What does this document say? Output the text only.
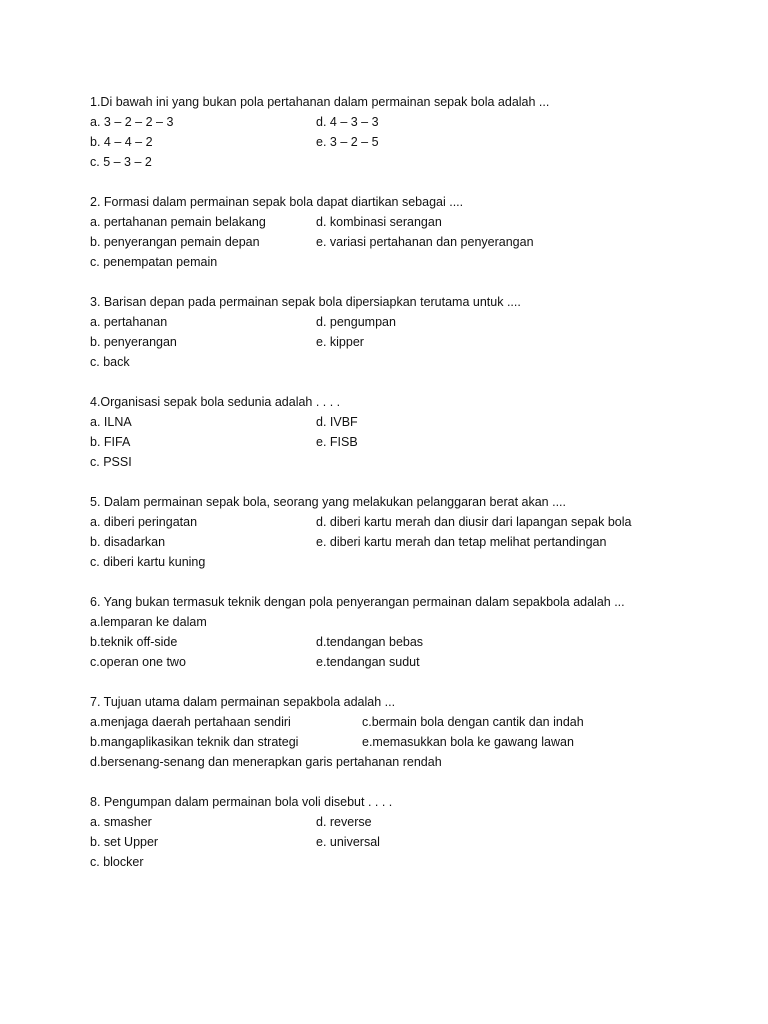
1.Di bawah ini yang bukan pola pertahanan dalam permainan sepak bola adalah ...
a. 3 – 2 – 2 – 3	d. 4 – 3 – 3
b. 4 – 4 – 2	e. 3 – 2 – 5
c. 5 – 3 – 2
2. Formasi dalam permainan sepak bola dapat diartikan sebagai ....
a. pertahanan pemain belakang	d. kombinasi serangan
b. penyerangan pemain depan	e. variasi pertahanan dan penyerangan
c. penempatan pemain
3. Barisan depan pada permainan sepak bola dipersiapkan terutama untuk ....
a. pertahanan	d. pengumpan
b. penyerangan	e. kipper
c. back
4.Organisasi sepak bola sedunia adalah . . . .
a. ILNA	d. IVBF
b. FIFA	e. FISB
c. PSSI
5. Dalam permainan sepak bola, seorang yang melakukan pelanggaran berat akan ....
a. diberi peringatan	d. diberi kartu merah dan diusir dari lapangan sepak bola
b. disadarkan	e. diberi kartu merah dan tetap melihat pertandingan
c. diberi kartu kuning
6. Yang bukan termasuk teknik dengan pola penyerangan permainan dalam sepakbola adalah ...
a.lemparan ke dalam
b.teknik off-side	d.tendangan bebas
c.operan one two	e.tendangan sudut
7. Tujuan utama dalam permainan sepakbola adalah ...
a.menjaga daerah pertahaan sendiri	c.bermain bola dengan cantik dan indah
b.mangaplikasikan teknik dan strategi	e.memasukkan bola ke gawang lawan
d.bersenang-senang dan menerapkan garis pertahanan rendah
8. Pengumpan dalam permainan bola voli disebut . . . .
a. smasher	d. reverse
b. set Upper	e. universal
c. blocker
